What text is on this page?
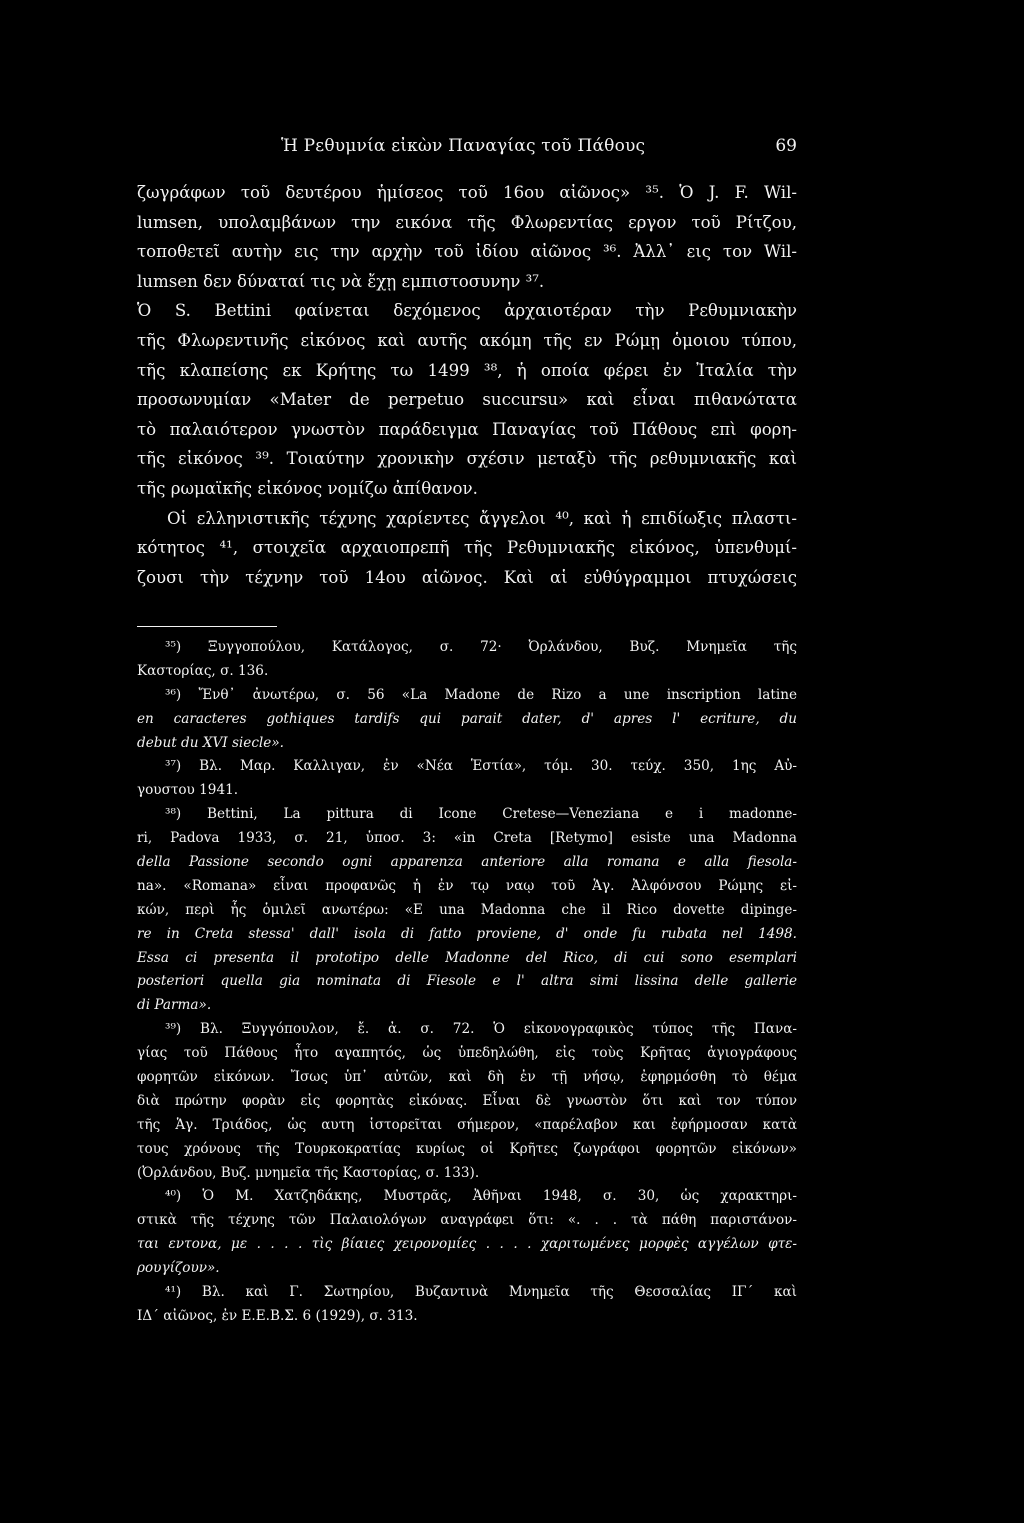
Ἡ Ρεθυμνία εἰκὼν Παναγίας τοῦ Πάθους	69
ζωγράφων τοῦ δευτέρου ἡμίσεος τοῦ 16ου αἰῶνος» ³⁵. Ὁ J. F. Wil-
lumsen, υπολαμβάνων την εικόνα τῆς Φλωρεντίας εργον τοῦ Ρίτζου,
τοποθετεῖ αυτὴν εις την αρχὴν τοῦ ἰδίου αἰῶνος ³⁶. Ἀλλ᾽ εις τον Wil-
lumsen δεν δύναταί τις νὰ ἔχῃ εμπιστοσυνην ³⁷.
Ὁ S. Bettini φαίνεται δεχόμενος ἀρχαιοτέραν τὴν Ρεθυμνιακὴν
τῆς Φλωρεντινῆς εἰκόνος καὶ αυτῆς ακόμη τῆς εν Ρώμῃ ὁμοιου τύπου,
τῆς κλαπείσης εκ Κρήτης τω 1499 ³⁸, ἡ οποία φέρει ἐν Ἰταλία τὴν
προσωνυμίαν «Mater de perpetuo succursu» καὶ εἶναι πιθανώτατα
τὸ παλαιότερον γνωστὸν παράδειγμα Παναγίας τοῦ Πάθους επὶ φορη-
τῆς εἰκόνος ³⁹. Τοιαύτην χρονικὴν σχέσιν μεταξὺ τῆς ρεθυμνιακῆς καὶ
τῆς ρωμαϊκῆς εἰκόνος νομίζω ἀπίθανον.
Οἱ ελληνιστικῆς τέχνης χαρίεντες ἄγγελοι ⁴⁰, καὶ ἡ επιδίωξις πλαστι-
κότητος ⁴¹, στοιχεῖα αρχαιοπρεπῆ τῆς Ρεθυμνιακῆς εἰκόνος, ὑπενθυμί-
ζουσι τὴν τέχνην τοῦ 14ου αἰῶνος. Καὶ αἱ εὐθύγραμμοι πτυχώσεις
³⁵) Ξυγγοπούλου, Κατάλογος, σ. 72· Ὀρλάνδου, Βυζ. Μνημεῖα τῆς
Καστορίας, σ. 136.
³⁶) Ἔνθ᾽ ἀνωτέρω, σ. 56 «La Madone de Rizo a une inscription latine
en caracteres gothiques tardifs qui parait dater, d' apres l' ecriture, du
debut du XVI siecle».
³⁷) Βλ. Μαρ. Καλλιγαν, ἐν «Νέα Ἑστία», τόμ. 30. τεύχ. 350, 1ης Αὐ-
γουστου 1941.
³⁸) Bettini, La pittura di Icone Cretese—Veneziana e i madonne-
ri, Padova 1933, σ. 21, ὑποσ. 3: «in Creta [Retymo] esiste una Madonna
della Passione secondo ogni apparenza anteriore alla romana e alla fiesola-
na». «Romana» εἶναι προφανῶς ἡ ἐν τῳ ναῳ τοῦ Ἁγ. Ἀλφόνσου Ρώμης εἰ-
κών, περὶ ἧς ὁμιλεῖ ανωτέρω: «E una Madonna che il Rico dovette dipinge-
re in Creta stessa' dall' isola di fatto proviene, d' onde fu rubata nel 1498.
Essa ci presenta il prototipo delle Madonne del Rico, di cui sono esemplari
posteriori quella gia nominata di Fiesole e l' altra simi lissina delle gallerie
di Parma».
³⁹) Βλ. Ξυγγόπουλον, ἔ. ἀ. σ. 72. Ὁ εἰκονογραφικὸς τύπος τῆς Πανα-
γίας τοῦ Πάθους ἦτο αγαπητός, ὡς ὑπεδηλώθη, εἰς τοὺς Κρῆτας ἁγιογράφους
φορητῶν εἰκόνων. Ἴσως ὑπ᾽ αὐτῶν, καὶ δὴ ἐν τῇ νήσῳ, ἐφηρμόσθη τὸ θέμα
διὰ πρώτην φορὰν εἰς φορητὰς εἰκόνας. Εἶναι δὲ γνωστὸν ὅτι καὶ τον τύπον
τῆς Ἁγ. Τριάδος, ὡς αυτη ἱστορεῖται σήμερον, «παρέλαβον και ἐφήρμοσαν κατὰ
τους χρόνους τῆς Τουρκοκρατίας κυρίως οἱ Κρῆτες ζωγράφοι φορητῶν εἰκόνων»
(Ὀρλάνδου, Βυζ. μνημεῖα τῆς Καστορίας, σ. 133).
⁴⁰) Ὁ Μ. Χατζηδάκης, Μυστρᾶς, Ἀθῆναι 1948, σ. 30, ὡς χαρακτηρι-
στικὰ τῆς τέχνης τῶν Παλαιολόγων αναγράφει ὅτι: «. . . τὰ πάθη παριστάνον-
ται εντονα, με . . . . τὶς βίαιες χειρονομίες . . . . χαριτωμένες μορφὲς αγγέλων φτε-
ρουγίζουν».
⁴¹) Βλ. καὶ Γ. Σωτηρίου, Βυζαντινὰ Μνημεῖα τῆς Θεσσαλίας ΙΓ΄ καὶ
ΙΔ΄ αἰῶνος, ἐν Ε.Ε.Β.Σ. 6 (1929), σ. 313.
